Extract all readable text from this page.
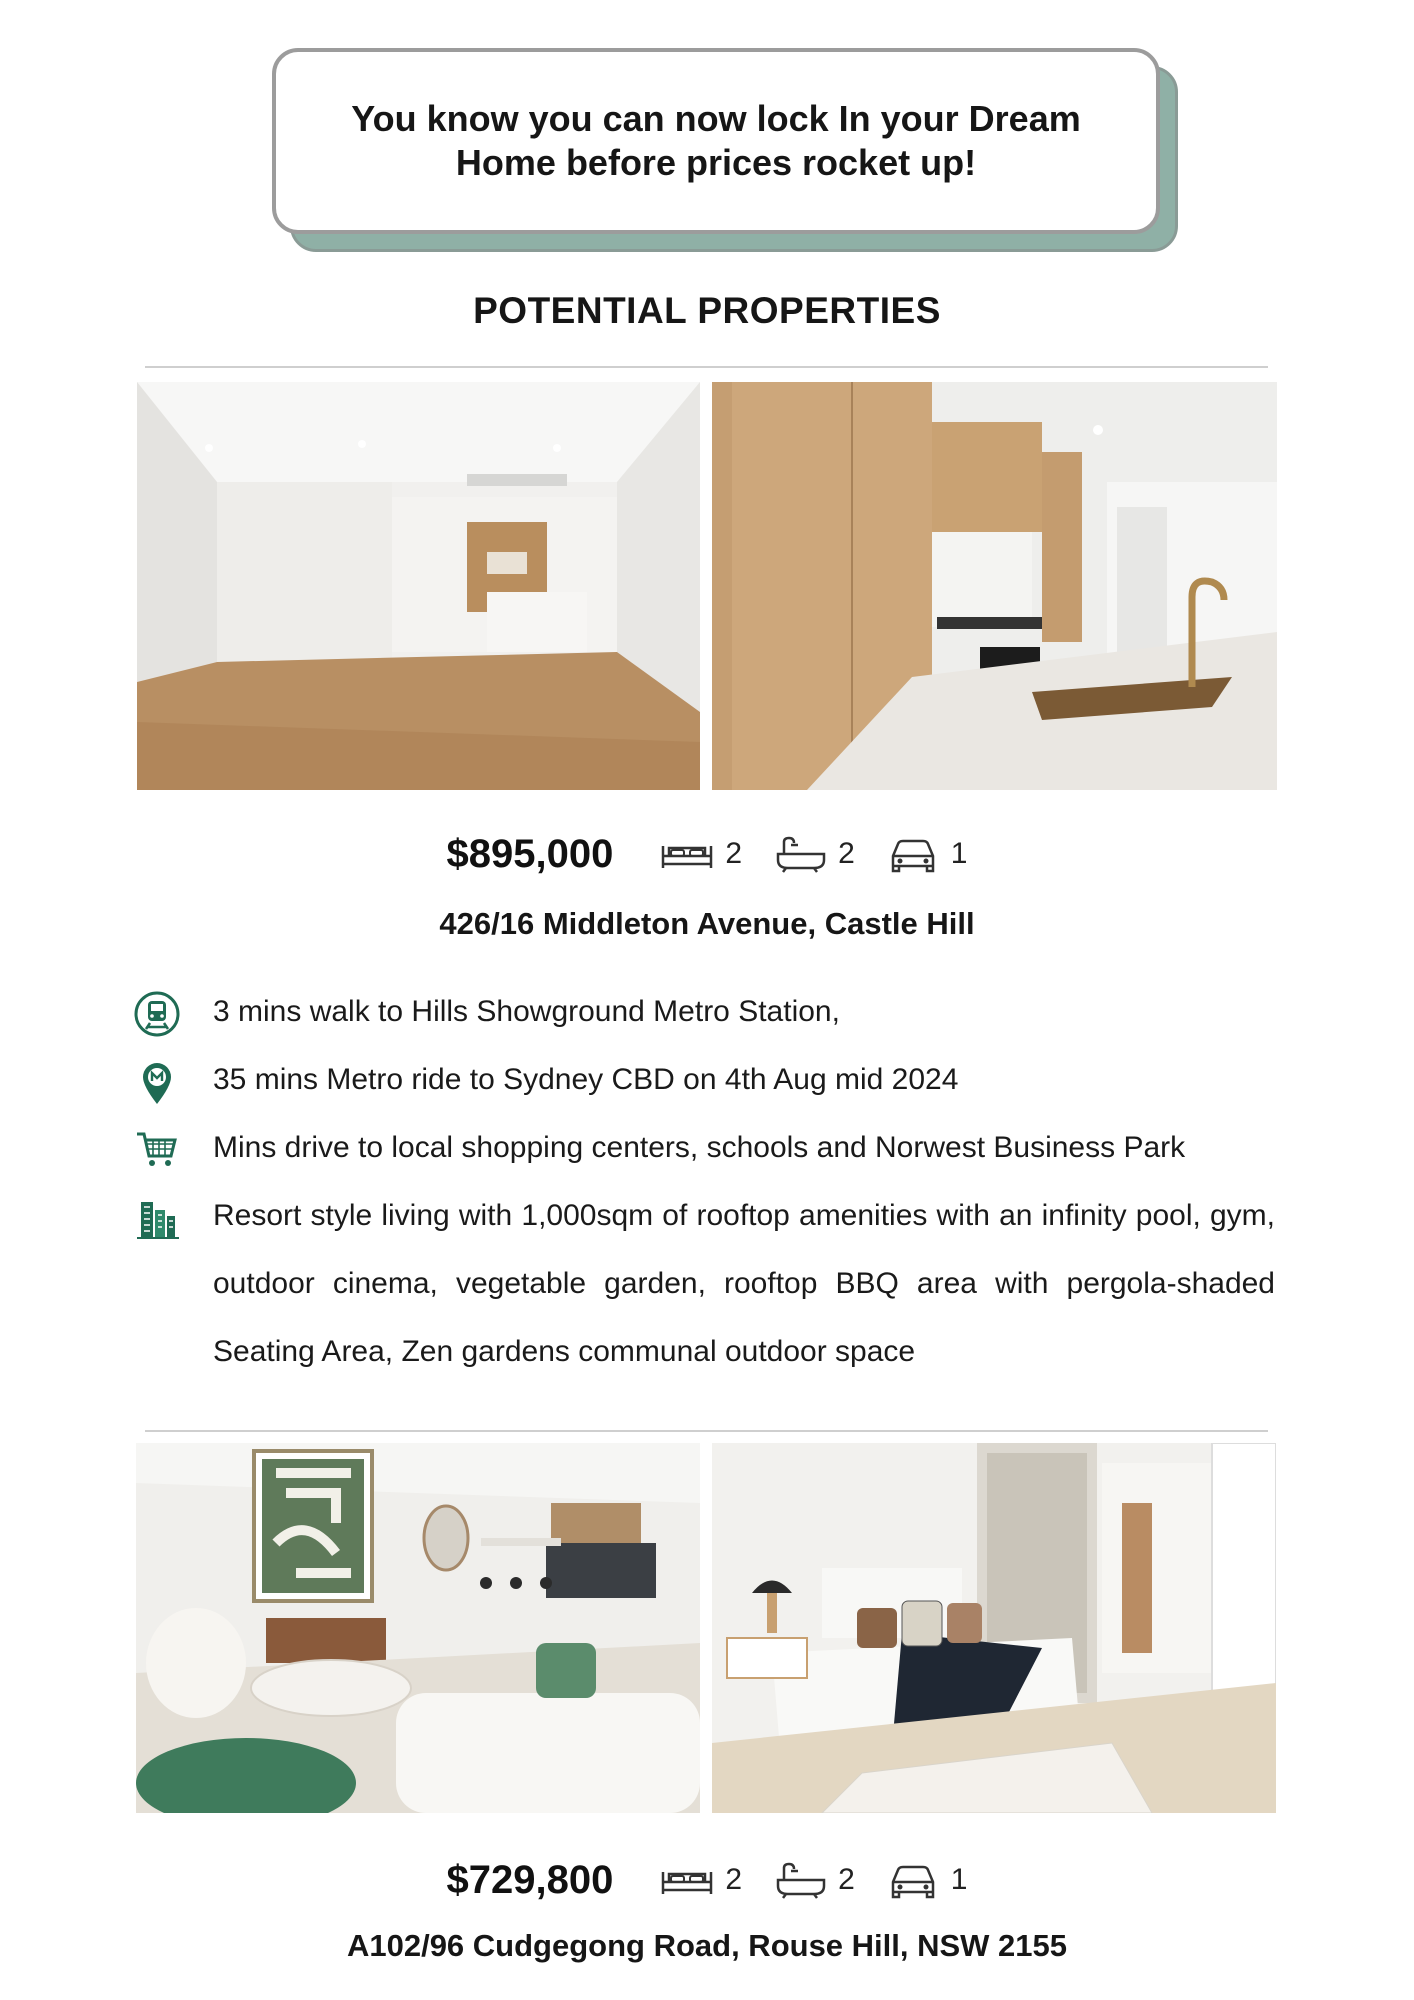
You know you can now lock In your Dream Home before prices rocket up!
POTENTIAL PROPERTIES
$895,000	2	2	1
426/16 Middleton Avenue, Castle Hill
3 mins walk to Hills Showground Metro Station,
35 mins Metro ride to Sydney CBD on 4th Aug mid 2024
Mins drive to local shopping centers, schools and Norwest Business Park
Resort style living with 1,000sqm of rooftop amenities with an infinity pool, gym, outdoor cinema, vegetable garden, rooftop BBQ area with pergola-shaded Seating Area, Zen gardens communal outdoor space
$729,800	2	2	1
A102/96 Cudgegong Road, Rouse Hill, NSW 2155
